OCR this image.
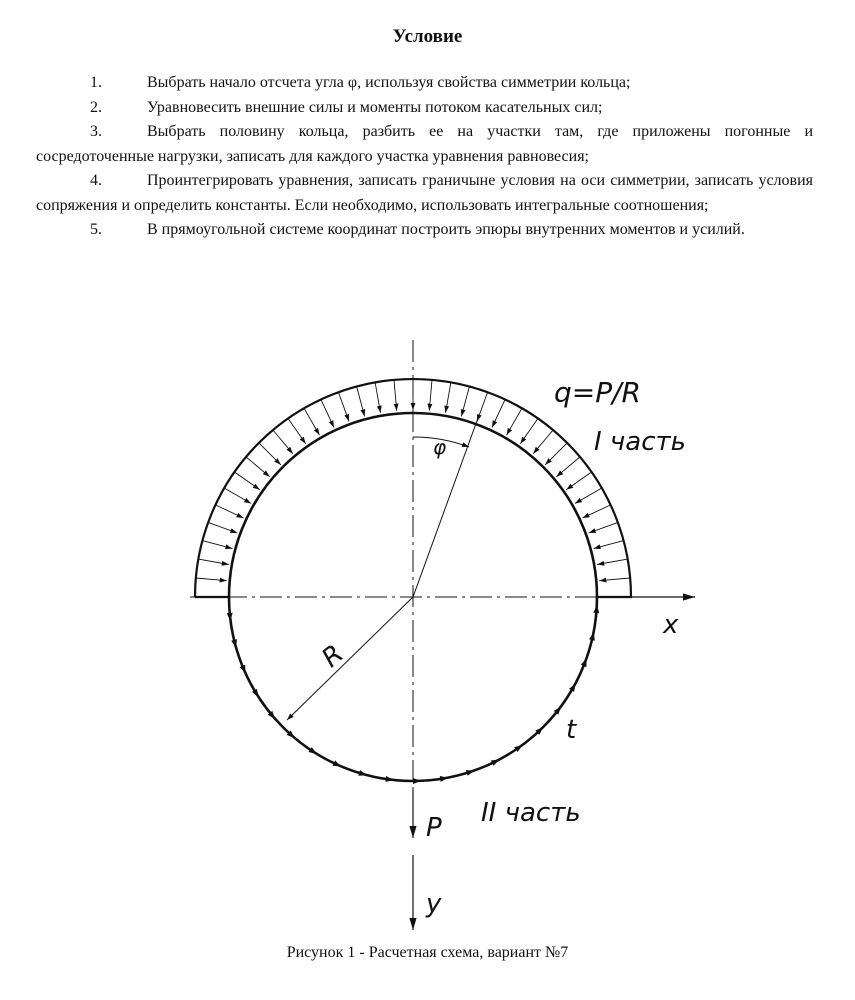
Условие
1.	Выбрать начало отсчета угла φ, используя свойства симметрии кольца;
2.	Уравновесить внешние силы и моменты потоком касательных сил;
3.	Выбрать половину кольца, разбить ее на участки там, где приложены погонные и сосредоточенные нагрузки, записать для каждого участка уравнения равновесия;
4.	Проинтегрировать уравнения, записать граничыне условия на оси симметрии, записать условия сопряжения и определить константы. Если необходимо, использовать интегральные соотношения;
5.	В прямоугольной системе координат построить эпюры внутренних моментов и усилий.
q=P/R
I часть
φ
R
x
t
II часть
P
y
Рисунок 1 - Расчетная схема, вариант №7
